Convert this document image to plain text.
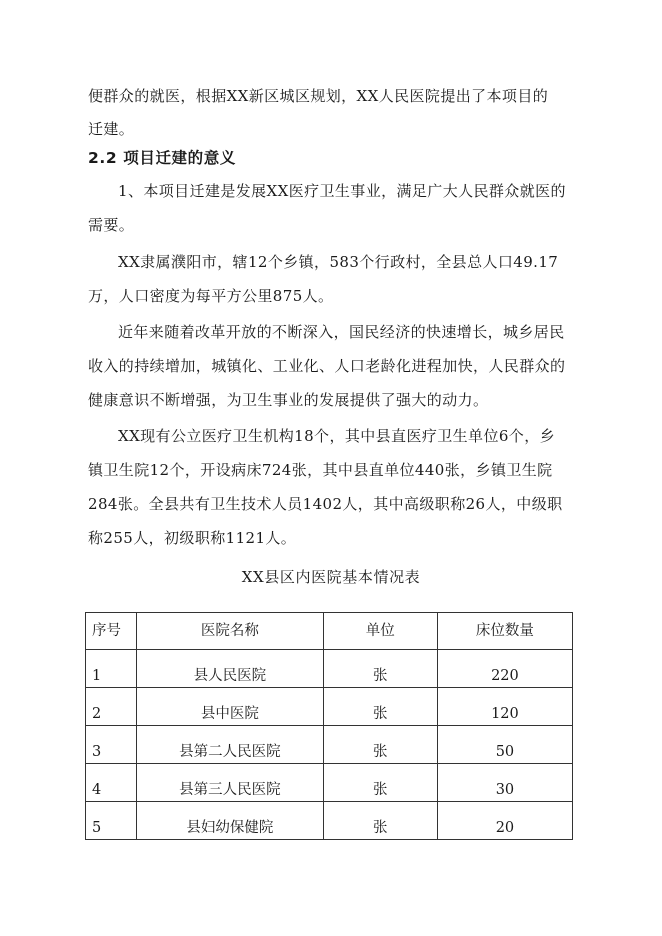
便群众的就医，根据XX新区城区规划，XX人民医院提出了本项目的
迁建。
2.2 项目迁建的意义
1、本项目迁建是发展XX医疗卫生事业，满足广大人民群众就医的
需要。
XX隶属濮阳市，辖12个乡镇，583个行政村，全县总人口49.17
万，人口密度为每平方公里875人。
近年来随着改革开放的不断深入，国民经济的快速增长，城乡居民
收入的持续增加，城镇化、工业化、人口老龄化进程加快，人民群众的
健康意识不断增强，为卫生事业的发展提供了强大的动力。
XX现有公立医疗卫生机构18个，其中县直医疗卫生单位6个，乡
镇卫生院12个，开设病床724张，其中县直单位440张，乡镇卫生院
284张。全县共有卫生技术人员1402人，其中高级职称26人，中级职
称255人，初级职称1121人。
XX县区内医院基本情况表
序号	医院名称	单位	床位数量
1	县人民医院	张	220
2	县中医院	张	120
3	县第二人民医院	张	50
4	县第三人民医院	张	30
5	县妇幼保健院	张	20
